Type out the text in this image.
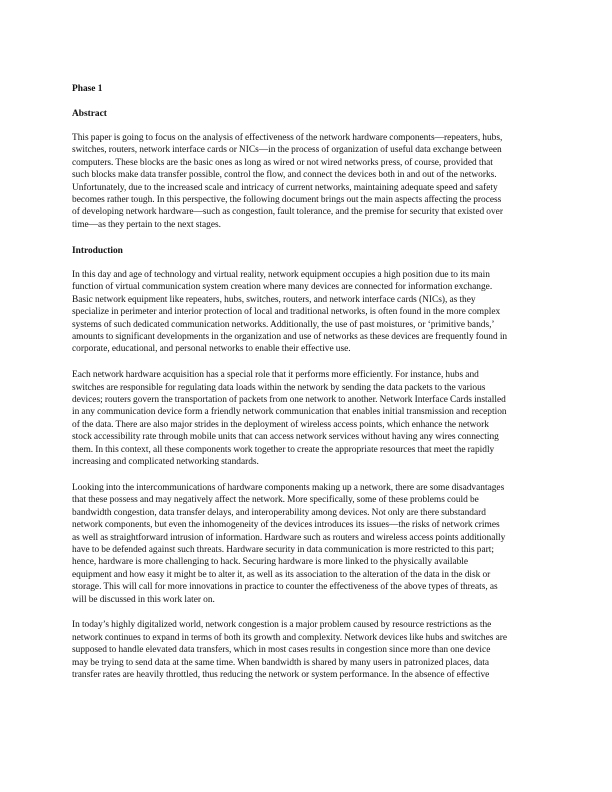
Phase 1

Abstract

This paper is going to focus on the analysis of effectiveness of the network hardware components—repeaters, hubs,
switches, routers, network interface cards or NICs—in the process of organization of useful data exchange between
computers. These blocks are the basic ones as long as wired or not wired networks press, of course, provided that
such blocks make data transfer possible, control the flow, and connect the devices both in and out of the networks.
Unfortunately, due to the increased scale and intricacy of current networks, maintaining adequate speed and safety
becomes rather tough. In this perspective, the following document brings out the main aspects affecting the process
of developing network hardware—such as congestion, fault tolerance, and the premise for security that existed over
time—as they pertain to the next stages.

Introduction

In this day and age of technology and virtual reality, network equipment occupies a high position due to its main
function of virtual communication system creation where many devices are connected for information exchange.
Basic network equipment like repeaters, hubs, switches, routers, and network interface cards (NICs), as they
specialize in perimeter and interior protection of local and traditional networks, is often found in the more complex
systems of such dedicated communication networks. Additionally, the use of past moistures, or ‘primitive bands,’
amounts to significant developments in the organization and use of networks as these devices are frequently found in
corporate, educational, and personal networks to enable their effective use.

Each network hardware acquisition has a special role that it performs more efficiently. For instance, hubs and
switches are responsible for regulating data loads within the network by sending the data packets to the various
devices; routers govern the transportation of packets from one network to another. Network Interface Cards installed
in any communication device form a friendly network communication that enables initial transmission and reception
of the data. There are also major strides in the deployment of wireless access points, which enhance the network
stock accessibility rate through mobile units that can access network services without having any wires connecting
them. In this context, all these components work together to create the appropriate resources that meet the rapidly
increasing and complicated networking standards.

Looking into the intercommunications of hardware components making up a network, there are some disadvantages
that these possess and may negatively affect the network. More specifically, some of these problems could be
bandwidth congestion, data transfer delays, and interoperability among devices. Not only are there substandard
network components, but even the inhomogeneity of the devices introduces its issues—the risks of network crimes
as well as straightforward intrusion of information. Hardware such as routers and wireless access points additionally
have to be defended against such threats. Hardware security in data communication is more restricted to this part;
hence, hardware is more challenging to hack. Securing hardware is more linked to the physically available
equipment and how easy it might be to alter it, as well as its association to the alteration of the data in the disk or
storage. This will call for more innovations in practice to counter the effectiveness of the above types of threats, as
will be discussed in this work later on.

In today’s highly digitalized world, network congestion is a major problem caused by resource restrictions as the
network continues to expand in terms of both its growth and complexity. Network devices like hubs and switches are
supposed to handle elevated data transfers, which in most cases results in congestion since more than one device
may be trying to send data at the same time. When bandwidth is shared by many users in patronized places, data
transfer rates are heavily throttled, thus reducing the network or system performance. In the absence of effective
